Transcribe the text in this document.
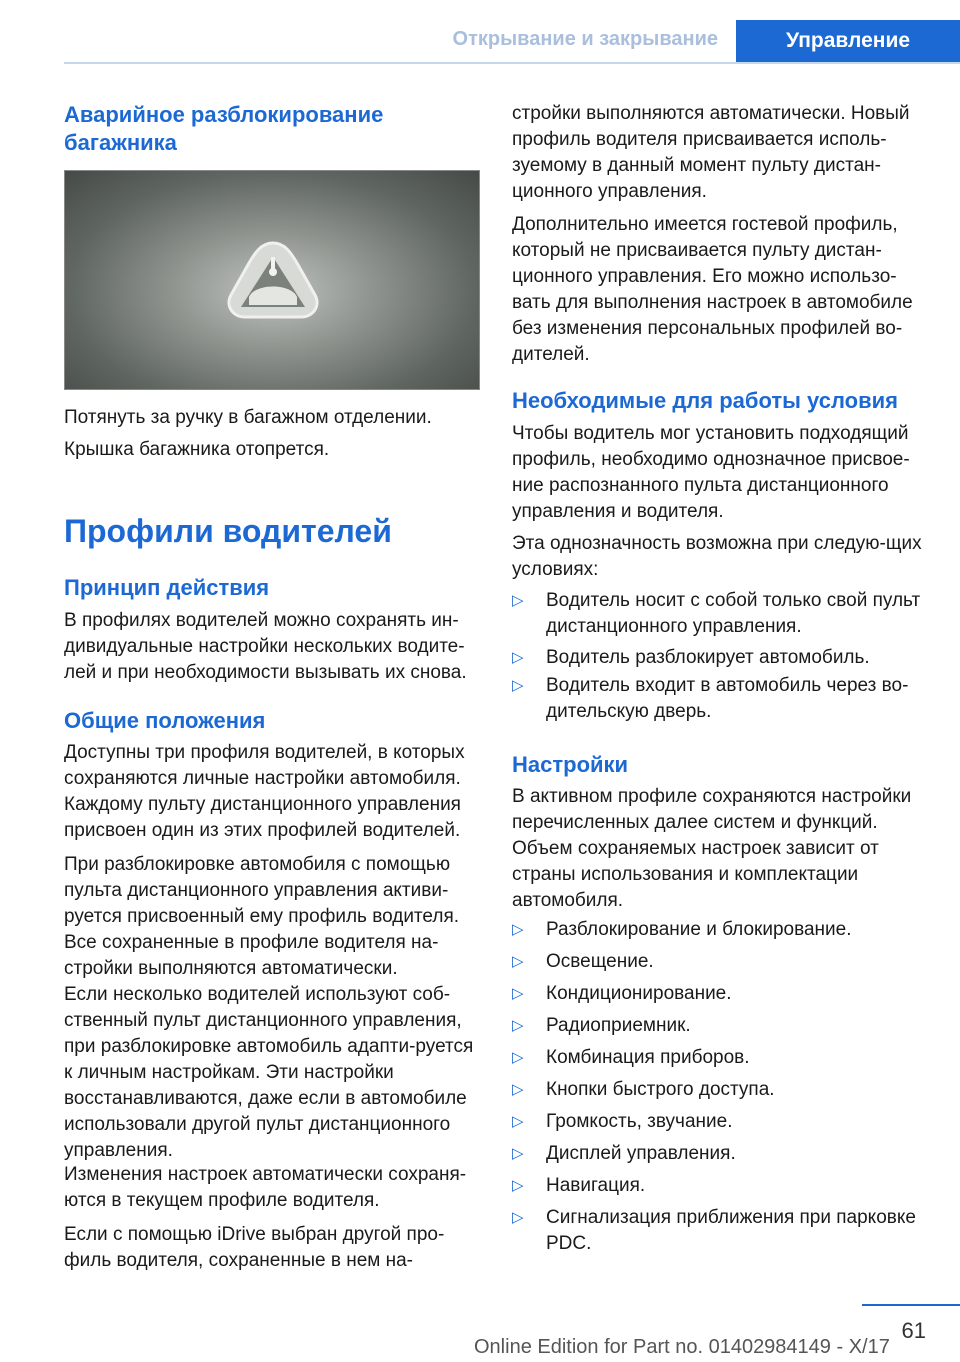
Открывание и закрывание	Управление
Аварийное разблокирование багажника
Потянуть за ручку в багажном отделении.
Крышка багажника отопрется.
Профили водителей
Принцип действия
В профилях водителей можно сохранять ин-дивидуальные настройки нескольких водите-лей и при необходимости вызывать их снова.
Общие положения
Доступны три профиля водителей, в которых сохраняются личные настройки автомобиля. Каждому пульту дистанционного управления присвоен один из этих профилей водителей.
При разблокировке автомобиля с помощью пульта дистанционного управления активи-руется присвоенный ему профиль водителя. Все сохраненные в профиле водителя на-стройки выполняются автоматически.
Если несколько водителей используют соб-ственный пульт дистанционного управления, при разблокировке автомобиль адапти-руется к личным настройкам. Эти настройки восстанавливаются, даже если в автомобиле использовали другой пульт дистанционного управления.
Изменения настроек автоматически сохраня-ются в текущем профиле водителя.
Если с помощью iDrive выбран другой про-филь водителя, сохраненные в нем на-
стройки выполняются автоматически. Новый профиль водителя присваивается исполь-зуемому в данный момент пульту дистан-ционного управления.
Дополнительно имеется гостевой профиль, который не присваивается пульту дистан-ционного управления. Его можно использо-вать для выполнения настроек в автомобиле без изменения персональных профилей во-дителей.
Необходимые для работы условия
Чтобы водитель мог установить подходящий профиль, необходимо однозначное присвое-ние распознанного пульта дистанционного управления и водителя.
Эта однозначность возможна при следую-щих условиях:
▷ Водитель носит с собой только свой пульт дистанционного управления.
▷ Водитель разблокирует автомобиль.
▷ Водитель входит в автомобиль через во-дительскую дверь.
Настройки
В активном профиле сохраняются настройки перечисленных далее систем и функций. Объем сохраняемых настроек зависит от страны использования и комплектации автомобиля.
▷ Разблокирование и блокирование.
▷ Освещение.
▷ Кондиционирование.
▷ Радиоприемник.
▷ Комбинация приборов.
▷ Кнопки быстрого доступа.
▷ Громкость, звучание.
▷ Дисплей управления.
▷ Навигация.
▷ Сигнализация приближения при парковке PDC.
61
Online Edition for Part no. 01402984149 - X/17
